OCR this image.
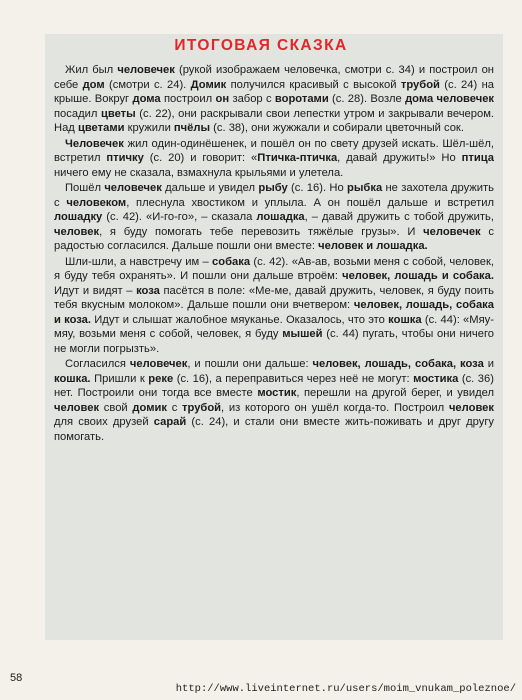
ИТОГОВАЯ СКАЗКА

Жил был человечек (рукой изображаем человечка, смотри с. 34) и построил он себе дом (смотри с. 24). Домик получился красивый с высокой трубой (с. 24) на крыше. Вокруг дома построил он забор с воротами (с. 28). Возле дома человечек посадил цветы (с. 22), они раскрывали свои лепестки утром и закрывали вечером. Над цветами кружили пчёлы (с. 38), они жужжали и собирали цветочный сок.

Человечек жил один-одинёшенек, и пошёл он по свету друзей искать. Шёл-шёл, встретил птичку (с. 20) и говорит: «Птичка-птичка, давай дружить!» Но птица ничего ему не сказала, взмахнула крыльями и улетела.

Пошёл человечек дальше и увидел рыбу (с. 16). Но рыбка не захотела дружить с человеком, плеснула хвостиком и уплыла. А он пошёл дальше и встретил лошадку (с. 42). «И-го-го», – сказала лошадка, – давай дружить с тобой дружить, человек, я буду помогать тебе перевозить тяжёлые грузы». И человечек с радостью согласился. Дальше пошли они вместе: человек и лошадка.

Шли-шли, а навстречу им – собака (с. 42). «Ав-ав, возьми меня с собой, человек, я буду тебя охранять». И пошли они дальше втроём: человек, лошадь и собака. Идут и видят – коза пасётся в поле: «Ме-ме, давай дружить, человек, я буду поить тебя вкусным молоком». Дальше пошли они вчетвером: человек, лошадь, собака и коза. Идут и слышат жалобное мяуканье. Оказалось, что это кошка (с. 44): «Мяу-мяу, возьми меня с собой, человек, я буду мышей (с. 44) пугать, чтобы они ничего не могли погрызть».

Согласился человечек, и пошли они дальше: человек, лошадь, собака, коза и кошка. Пришли к реке (с. 16), а переправиться через неё не могут: мостика (с. 36) нет. Построили они тогда все вместе мостик, перешли на другой берег, и увидел человек свой домик с трубой, из которого он ушёл когда-то. Построил человек для своих друзей сарай (с. 24), и стали они вместе жить-поживать и друг другу помогать.

58
http://www.liveinternet.ru/users/moim_vnukam_poleznoe/
